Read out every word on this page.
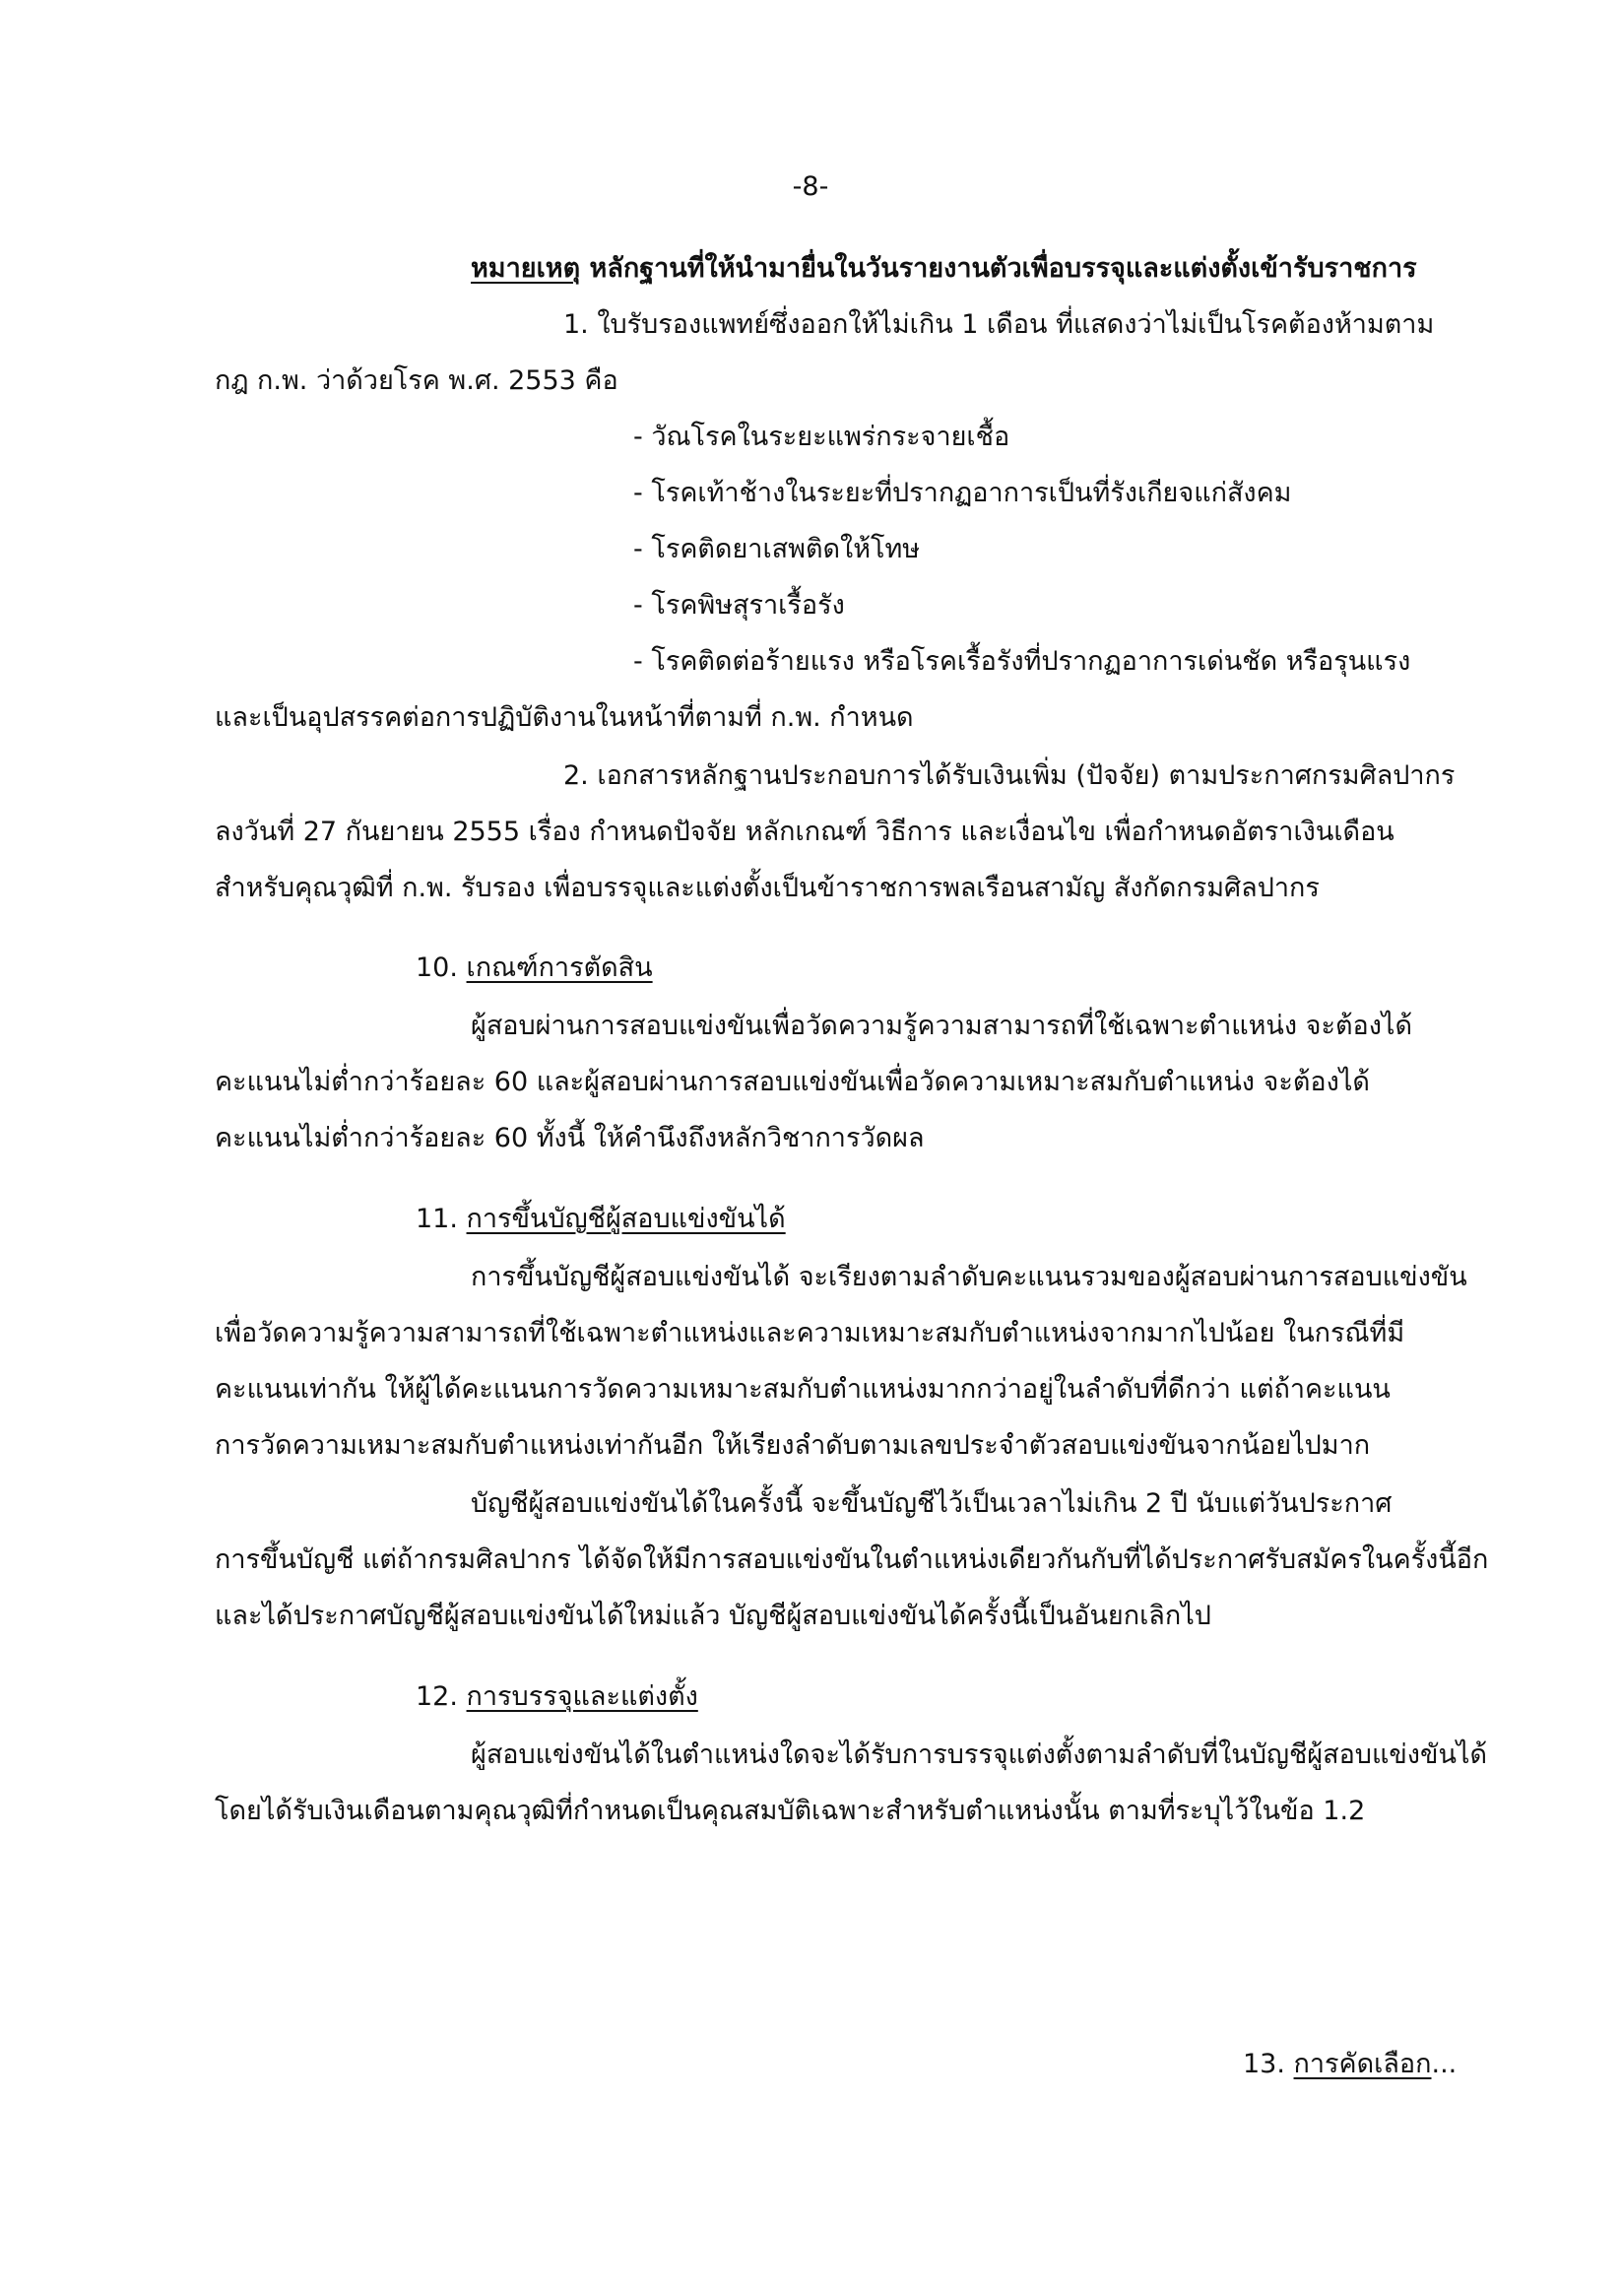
-8-
หมายเหตุ หลักฐานที่ให้นำมายื่นในวันรายงานตัวเพื่อบรรจุและแต่งตั้งเข้ารับราชการ
1. ใบรับรองแพทย์ซึ่งออกให้ไม่เกิน 1 เดือน ที่แสดงว่าไม่เป็นโรคต้องห้ามตาม
กฎ ก.พ. ว่าด้วยโรค พ.ศ. 2553 คือ
- วัณโรคในระยะแพร่กระจายเชื้อ
- โรคเท้าช้างในระยะที่ปรากฏอาการเป็นที่รังเกียจแก่สังคม
- โรคติดยาเสพติดให้โทษ
- โรคพิษสุราเรื้อรัง
- โรคติดต่อร้ายแรง หรือโรคเรื้อรังที่ปรากฏอาการเด่นชัด หรือรุนแรง
และเป็นอุปสรรคต่อการปฏิบัติงานในหน้าที่ตามที่ ก.พ. กำหนด
2. เอกสารหลักฐานประกอบการได้รับเงินเพิ่ม (ปัจจัย) ตามประกาศกรมศิลปากร
ลงวันที่ 27 กันยายน 2555 เรื่อง กำหนดปัจจัย หลักเกณฑ์ วิธีการ และเงื่อนไข เพื่อกำหนดอัตราเงินเดือน
สำหรับคุณวุฒิที่ ก.พ. รับรอง เพื่อบรรจุและแต่งตั้งเป็นข้าราชการพลเรือนสามัญ สังกัดกรมศิลปากร
10. เกณฑ์การตัดสิน
ผู้สอบผ่านการสอบแข่งขันเพื่อวัดความรู้ความสามารถที่ใช้เฉพาะตำแหน่ง จะต้องได้
คะแนนไม่ต่ำกว่าร้อยละ 60 และผู้สอบผ่านการสอบแข่งขันเพื่อวัดความเหมาะสมกับตำแหน่ง จะต้องได้
คะแนนไม่ต่ำกว่าร้อยละ 60 ทั้งนี้ ให้คำนึงถึงหลักวิชาการวัดผล
11. การขึ้นบัญชีผู้สอบแข่งขันได้
การขึ้นบัญชีผู้สอบแข่งขันได้ จะเรียงตามลำดับคะแนนรวมของผู้สอบผ่านการสอบแข่งขัน
เพื่อวัดความรู้ความสามารถที่ใช้เฉพาะตำแหน่งและความเหมาะสมกับตำแหน่งจากมากไปน้อย ในกรณีที่มี
คะแนนเท่ากัน ให้ผู้ได้คะแนนการวัดความเหมาะสมกับตำแหน่งมากกว่าอยู่ในลำดับที่ดีกว่า แต่ถ้าคะแนน
การวัดความเหมาะสมกับตำแหน่งเท่ากันอีก ให้เรียงลำดับตามเลขประจำตัวสอบแข่งขันจากน้อยไปมาก
บัญชีผู้สอบแข่งขันได้ในครั้งนี้ จะขึ้นบัญชีไว้เป็นเวลาไม่เกิน 2 ปี นับแต่วันประกาศ
การขึ้นบัญชี แต่ถ้ากรมศิลปากร ได้จัดให้มีการสอบแข่งขันในตำแหน่งเดียวกันกับที่ได้ประกาศรับสมัครในครั้งนี้อีก
และได้ประกาศบัญชีผู้สอบแข่งขันได้ใหม่แล้ว บัญชีผู้สอบแข่งขันได้ครั้งนี้เป็นอันยกเลิกไป
12. การบรรจุและแต่งตั้ง
ผู้สอบแข่งขันได้ในตำแหน่งใดจะได้รับการบรรจุแต่งตั้งตามลำดับที่ในบัญชีผู้สอบแข่งขันได้
โดยได้รับเงินเดือนตามคุณวุฒิที่กำหนดเป็นคุณสมบัติเฉพาะสำหรับตำแหน่งนั้น ตามที่ระบุไว้ในข้อ 1.2
13. การคัดเลือก...
